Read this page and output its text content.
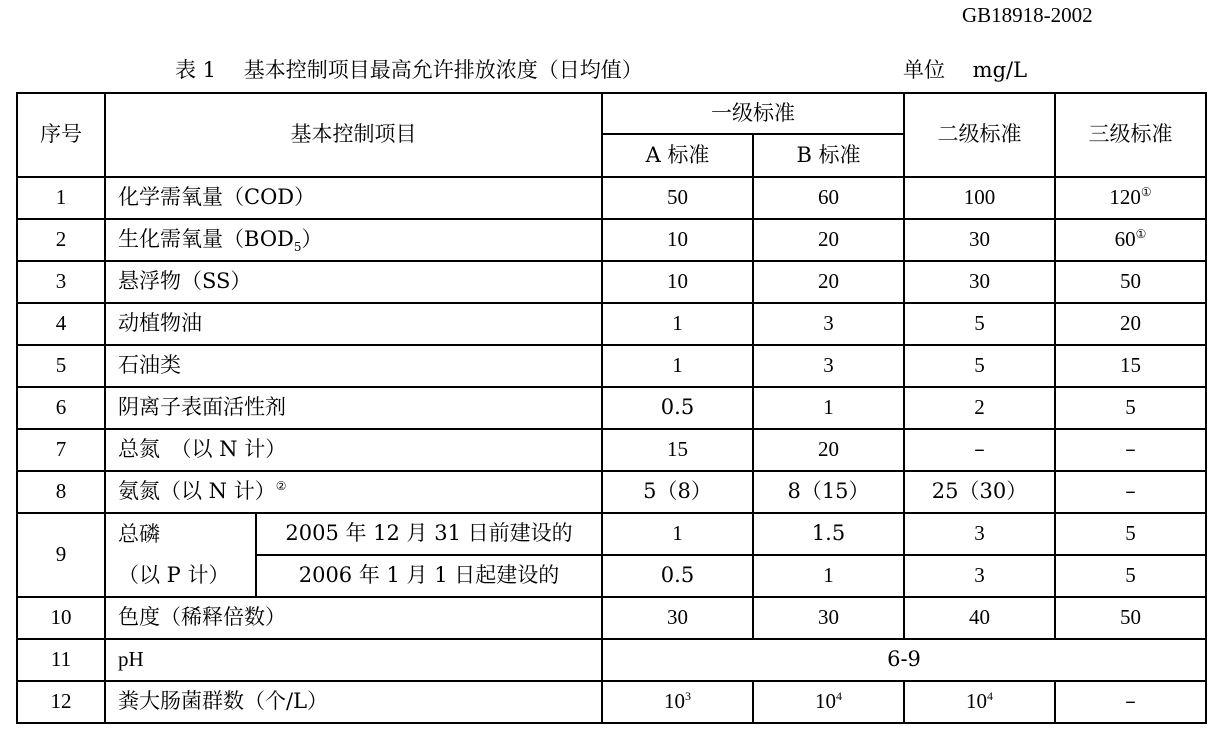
GB18918-2002
表 1　 基本控制项目最高允许排放浓度（日均值）	单位　 mg/L
序号	基本控制项目		一级标准		二级标准	三级标准
			A 标准	B 标准		
1	化学需氧量（COD）		50	60	100	120①
2	生化需氧量$(BOD_5)$		10	20	30	60①
3	悬浮物（SS）		10	20	30	50
4	动植物油		1	3	5	20
5	石油类		1	3	5	15
6	阴离子表面活性剂		0.5	1	2	5
7	总氮　（以 N 计）		15	20	–	–
8	氨氮（以 N 计）②		5（8）	8（15）	25（30）	–
9	总磷	2005 年 12 月 31 日前建设的	1	1.5	3	5
	（以 P 计）	2006 年 1 月 1 日起建设的	0.5	1	3	5
10	色度（稀释倍数）		30	30	40	50
11	pH		6-9			
12	粪大肠菌群数（个/L）		$10^3$	$10^4$	$10^4$	–
